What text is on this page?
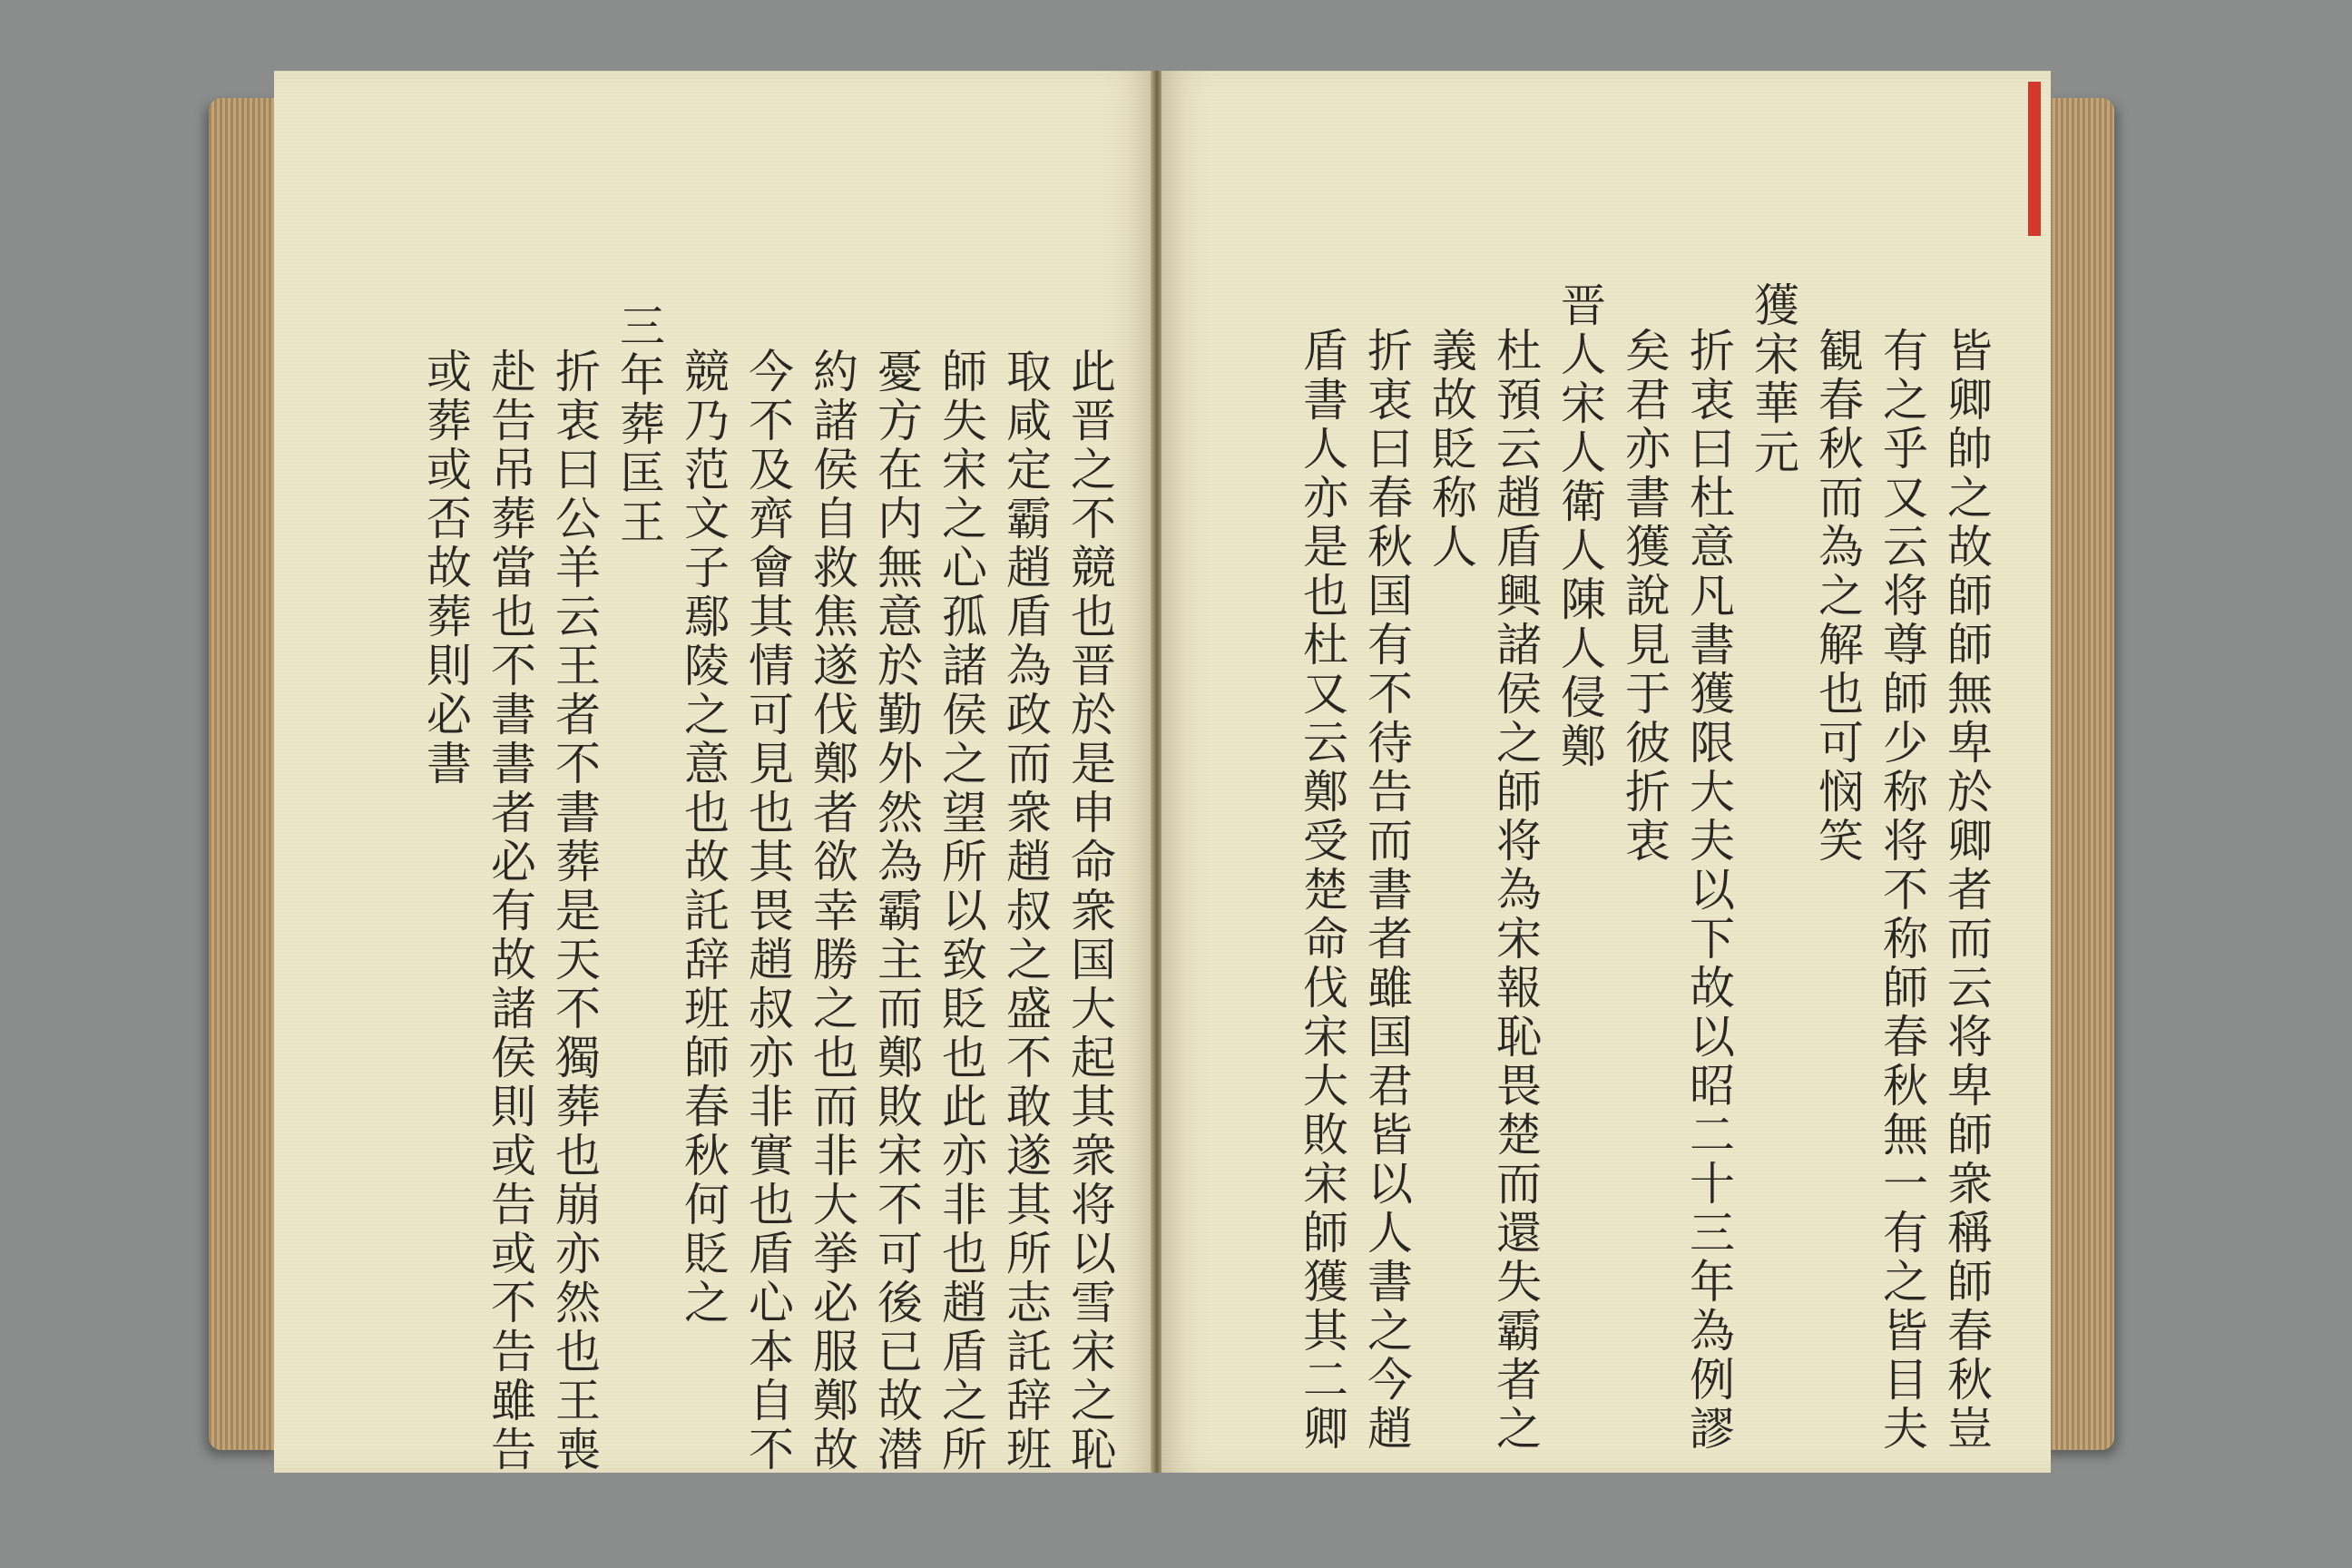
此晋之不競也晋於是申命衆国大起其衆将以雪宋之恥
取咸定霸趙盾為政而衆趙叔之盛不敢遂其所志託辞班
師失宋之心孤諸侯之望所以致貶也此亦非也趙盾之所
憂方在内無意於勤外然為霸主而鄭敗宋不可後已故潜
約諸侯自救焦遂伐鄭者欲幸勝之也而非大挙必服鄭故
今不及齊會其情可見也其畏趙叔亦非實也盾心本自不
競乃范文子鄢陵之意也故託辞班師春秋何貶之
三年葬匡王
折衷曰公羊云王者不書葬是天不獨葬也崩亦然也王喪
赴告吊葬當也不書書者必有故諸侯則或告或不告雖告
或葬或否故葬則必書	皆卿帥之故師師無卑於卿者而云将卑師衆稱師春秋豈
有之乎又云将尊師少称将不称師春秋無一有之皆目夫
観春秋而為之解也可悯笑
獲宋華元
折衷曰杜意凡書獲限大夫以下故以昭二十三年為例謬
矣君亦書獲說見于彼折衷
晋人宋人衛人陳人侵鄭
杜預云趙盾興諸侯之師将為宋報恥畏楚而還失霸者之
義故貶称人
折衷曰春秋国有不待告而書者雖国君皆以人書之今趙
盾書人亦是也杜又云鄭受楚命伐宋大敗宋師獲其二卿
